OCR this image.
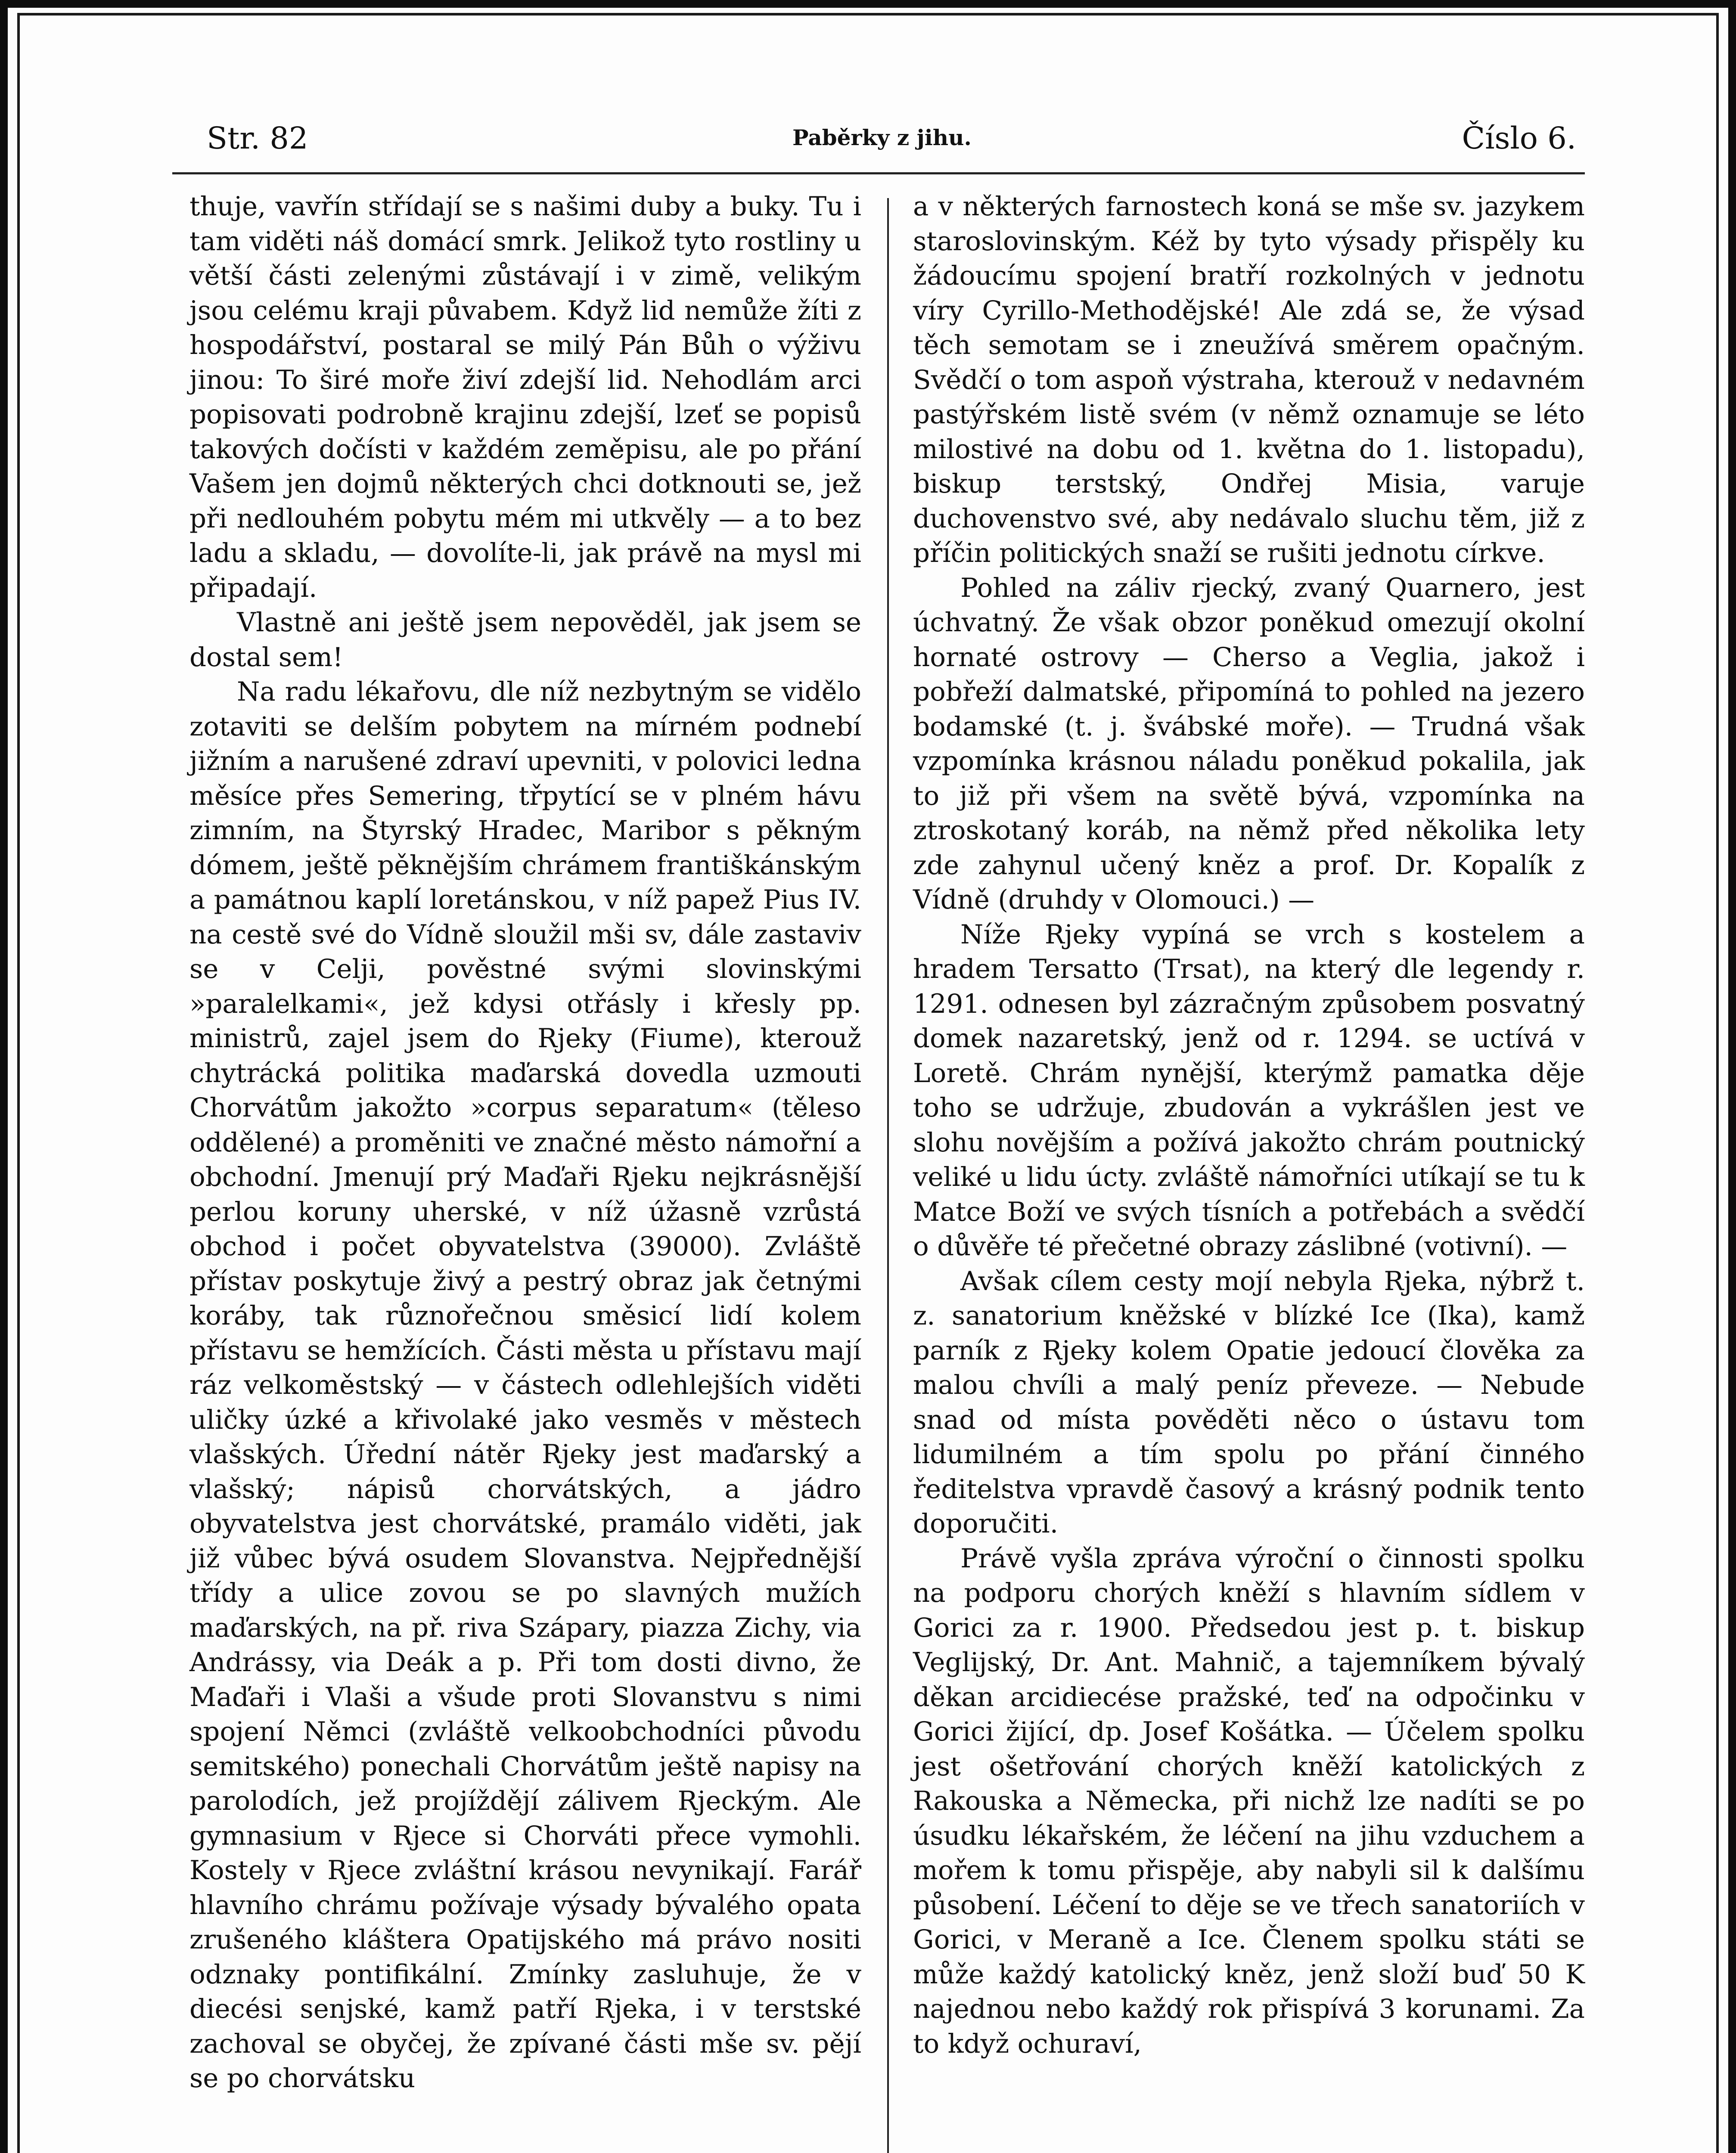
Str. 82	Paběrky z jihu.	Číslo 6.

thuje, vavřín střídají se s našimi duby a buky. Tu i tam viděti náš domácí smrk. Jelikož tyto rostliny u větší části zelenými zůstávají i v zimě, velikým jsou celému kraji půvabem. Když lid nemůže žíti z hospodářství, postaral se milý Pán Bůh o výživu jinou: To širé moře živí zdejší lid. Nehodlám arci popisovati podrobně krajinu zdejší, lzeť se popisů takových dočísti v každém zeměpisu, ale po přání Vašem jen dojmů některých chci dotknouti se, jež při nedlouhém pobytu mém mi utkvěly — a to bez ladu a skladu, — dovolíte-li, jak právě na mysl mi připadají.

Vlastně ani ještě jsem nepověděl, jak jsem se dostal sem!

Na radu lékařovu, dle níž nezbytným se vidělo zotaviti se delším pobytem na mírném podnebí jižním a narušené zdraví upevniti, v polovici ledna měsíce přes Semering, třpytící se v plném hávu zimním, na Štyrský Hradec, Maribor s pěkným dómem, ještě pěknějším chrámem františkánským a památnou kaplí loretánskou, v níž papež Pius IV. na cestě své do Vídně sloužil mši sv, dále zastaviv se v Celji, pověstné svými slovinskými »paralelkami«, jež kdysi otřásly i křesly pp. ministrů, zajel jsem do Rjeky (Fiume), kterouž chytrácká politika maďarská dovedla uzmouti Chorvátům jakožto »corpus separatum« (těleso oddělené) a proměniti ve značné město námořní a obchodní. Jmenují prý Maďaři Rjeku nejkrásnější perlou koruny uherské, v níž úžasně vzrůstá obchod i počet obyvatelstva (39000). Zvláště přístav poskytuje živý a pestrý obraz jak četnými koráby, tak různořečnou směsicí lidí kolem přístavu se hemžících. Části města u přístavu mají ráz velkoměstský — v částech odlehlejších viděti uličky úzké a křivolaké jako vesměs v městech vlašských. Úřední nátěr Rjeky jest maďarský a vlašský; nápisů chorvátských, a jádro obyvatelstva jest chorvátské, pramálo viděti, jak již vůbec bývá osudem Slovanstva. Nejpřednější třídy a ulice zovou se po slavných mužích maďarských, na př. riva Szápary, piazza Zichy, via Andrássy, via Deák a p. Při tom dosti divno, že Maďaři i Vlaši a všude proti Slovanstvu s nimi spojení Němci (zvláště velkoobchodníci původu semitského) ponechali Chorvátům ještě napisy na parolodích, jež projíždějí zálivem Rjeckým. Ale gymnasium v Rjece si Chorváti přece vymohli. Kostely v Rjece zvláštní krásou nevynikají. Farář hlavního chrámu požívaje výsady bývalého opata zrušeného kláštera Opatijského má právo nositi odznaky pontifikální. Zmínky zasluhuje, že v diecési senjské, kamž patří Rjeka, i v terstské zachoval se obyčej, že zpívané části mše sv. pějí se po chorvátsku

a v některých farnostech koná se mše sv. jazykem staroslovinským. Kéž by tyto výsady přispěly ku žádoucímu spojení bratří rozkolných v jednotu víry Cyrillo-Methodějské! Ale zdá se, že výsad těch semotam se i zneužívá směrem opačným. Svědčí o tom aspoň výstraha, kterouž v nedavném pastýřském listě svém (v němž oznamuje se léto milostivé na dobu od 1. května do 1. listopadu), biskup terstský, Ondřej Misia, varuje duchovenstvo své, aby nedávalo sluchu těm, již z příčin politických snaží se rušiti jednotu církve.

Pohled na záliv rjecký, zvaný Quarnero, jest úchvatný. Že však obzor poněkud omezují okolní hornaté ostrovy — Cherso a Veglia, jakož i pobřeží dalmatské, připomíná to pohled na jezero bodamské (t. j. švábské moře). — Trudná však vzpomínka krásnou náladu poněkud pokalila, jak to již při všem na světě bývá, vzpomínka na ztroskotaný koráb, na němž před několika lety zde zahynul učený kněz a prof. Dr. Kopalík z Vídně (druhdy v Olomouci.) —

Níže Rjeky vypíná se vrch s kostelem a hradem Tersatto (Trsat), na který dle legendy r. 1291. odnesen byl zázračným způsobem posvatný domek nazaretský, jenž od r. 1294. se uctívá v Loretě. Chrám nynější, kterýmž pamatka děje toho se udržuje, zbudován a vykrášlen jest ve slohu novějším a požívá jakožto chrám poutnický veliké u lidu úcty. zvláště námořníci utíkají se tu k Matce Boží ve svých tísních a potřebách a svědčí o důvěře té přečetné obrazy záslibné (votivní). —

Avšak cílem cesty mojí nebyla Rjeka, nýbrž t. z. sanatorium kněžské v blízké Ice (Ika), kamž parník z Rjeky kolem Opatie jedoucí člověka za malou chvíli a malý peníz převeze. — Nebude snad od místa pověděti něco o ústavu tom lidumilném a tím spolu po přání činného ředitelstva vpravdě časový a krásný podnik tento doporučiti.

Právě vyšla zpráva výroční o činnosti spolku na podporu chorých kněží s hlavním sídlem v Gorici za r. 1900. Předsedou jest p. t. biskup Veglijský, Dr. Ant. Mahnič, a tajemníkem bývalý děkan arcidiecése pražské, teď na odpočinku v Gorici žijící, dp. Josef Košátka. — Účelem spolku jest ošetřování chorých kněží katolických z Rakouska a Německa, při nichž lze nadíti se po úsudku lékařském, že léčení na jihu vzduchem a mořem k tomu přispěje, aby nabyli sil k dalšímu působení. Léčení to děje se ve třech sanatoriích v Gorici, v Meraně a Ice. Členem spolku státi se může každý katolický kněz, jenž složí buď 50 K najednou nebo každý rok přispívá 3 korunami. Za to když ochuraví,
